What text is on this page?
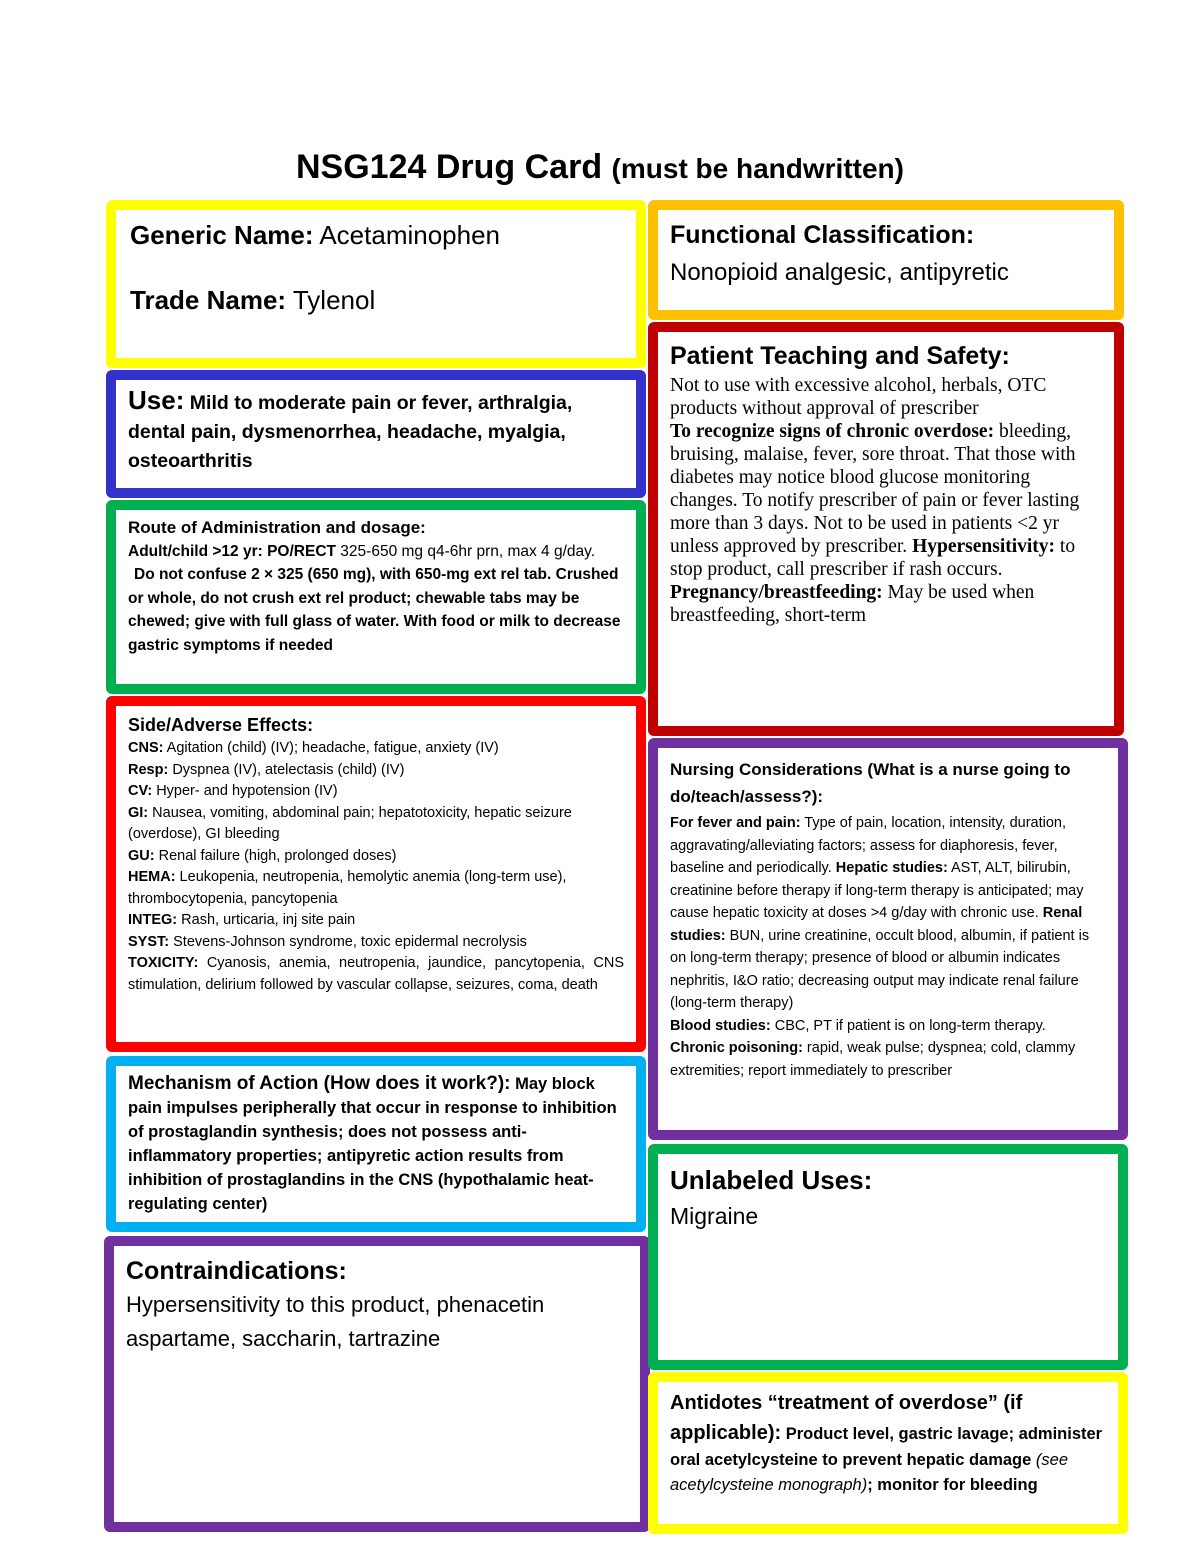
NSG124 Drug Card (must be handwritten)

Generic Name: Acetaminophen

Trade Name: Tylenol

Use: Mild to moderate pain or fever, arthralgia, dental pain, dysmenorrhea, headache, myalgia, osteoarthritis

Route of Administration and dosage:

Adult/child >12 yr: PO/RECT 325-650 mg q4-6hr prn, max 4 g/day.

Do not confuse 2 × 325 (650 mg), with 650-mg ext rel tab. Crushed or whole, do not crush ext rel product; chewable tabs may be chewed; give with full glass of water. With food or milk to decrease gastric symptoms if needed

Side/Adverse Effects:

CNS: Agitation (child) (IV); headache, fatigue, anxiety (IV)

Resp: Dyspnea (IV), atelectasis (child) (IV)

CV: Hyper- and hypotension (IV)

GI: Nausea, vomiting, abdominal pain; hepatotoxicity, hepatic seizure (overdose), GI bleeding

GU: Renal failure (high, prolonged doses)

HEMA: Leukopenia, neutropenia, hemolytic anemia (long-term use), thrombocytopenia, pancytopenia

INTEG: Rash, urticaria, inj site pain

SYST: Stevens-Johnson syndrome, toxic epidermal necrolysis

TOXICITY: Cyanosis, anemia, neutropenia, jaundice, pancytopenia, CNS stimulation, delirium followed by vascular collapse, seizures, coma, death

Mechanism of Action (How does it work?): May block pain impulses peripherally that occur in response to inhibition of prostaglandin synthesis; does not possess anti-inflammatory properties; antipyretic action results from inhibition of prostaglandins in the CNS (hypothalamic heat-regulating center)

Contraindications:

Hypersensitivity to this product, phenacetin aspartame, saccharin, tartrazine

Functional Classification:

Nonopioid analgesic, antipyretic

Patient Teaching and Safety:

Not to use with excessive alcohol, herbals, OTC products without approval of prescriber
To recognize signs of chronic overdose: bleeding, bruising, malaise, fever, sore throat. That those with diabetes may notice blood glucose monitoring changes. To notify prescriber of pain or fever lasting more than 3 days. Not to be used in patients <2 yr unless approved by prescriber. Hypersensitivity: to stop product, call prescriber if rash occurs.
Pregnancy/breastfeeding: May be used when breastfeeding, short-term

Nursing Considerations (What is a nurse going to do/teach/assess?):

For fever and pain: Type of pain, location, intensity, duration, aggravating/alleviating factors; assess for diaphoresis, fever, baseline and periodically. Hepatic studies: AST, ALT, bilirubin, creatinine before therapy if long-term therapy is anticipated; may cause hepatic toxicity at doses >4 g/day with chronic use. Renal studies: BUN, urine creatinine, occult blood, albumin, if patient is on long-term therapy; presence of blood or albumin indicates nephritis, I&O ratio; decreasing output may indicate renal failure (long-term therapy)

Blood studies: CBC, PT if patient is on long-term therapy.

Chronic poisoning: rapid, weak pulse; dyspnea; cold, clammy extremities; report immediately to prescriber

Unlabeled Uses:

Migraine

Antidotes “treatment of overdose” (if applicable): Product level, gastric lavage; administer oral acetylcysteine to prevent hepatic damage (see acetylcysteine monograph); monitor for bleeding
